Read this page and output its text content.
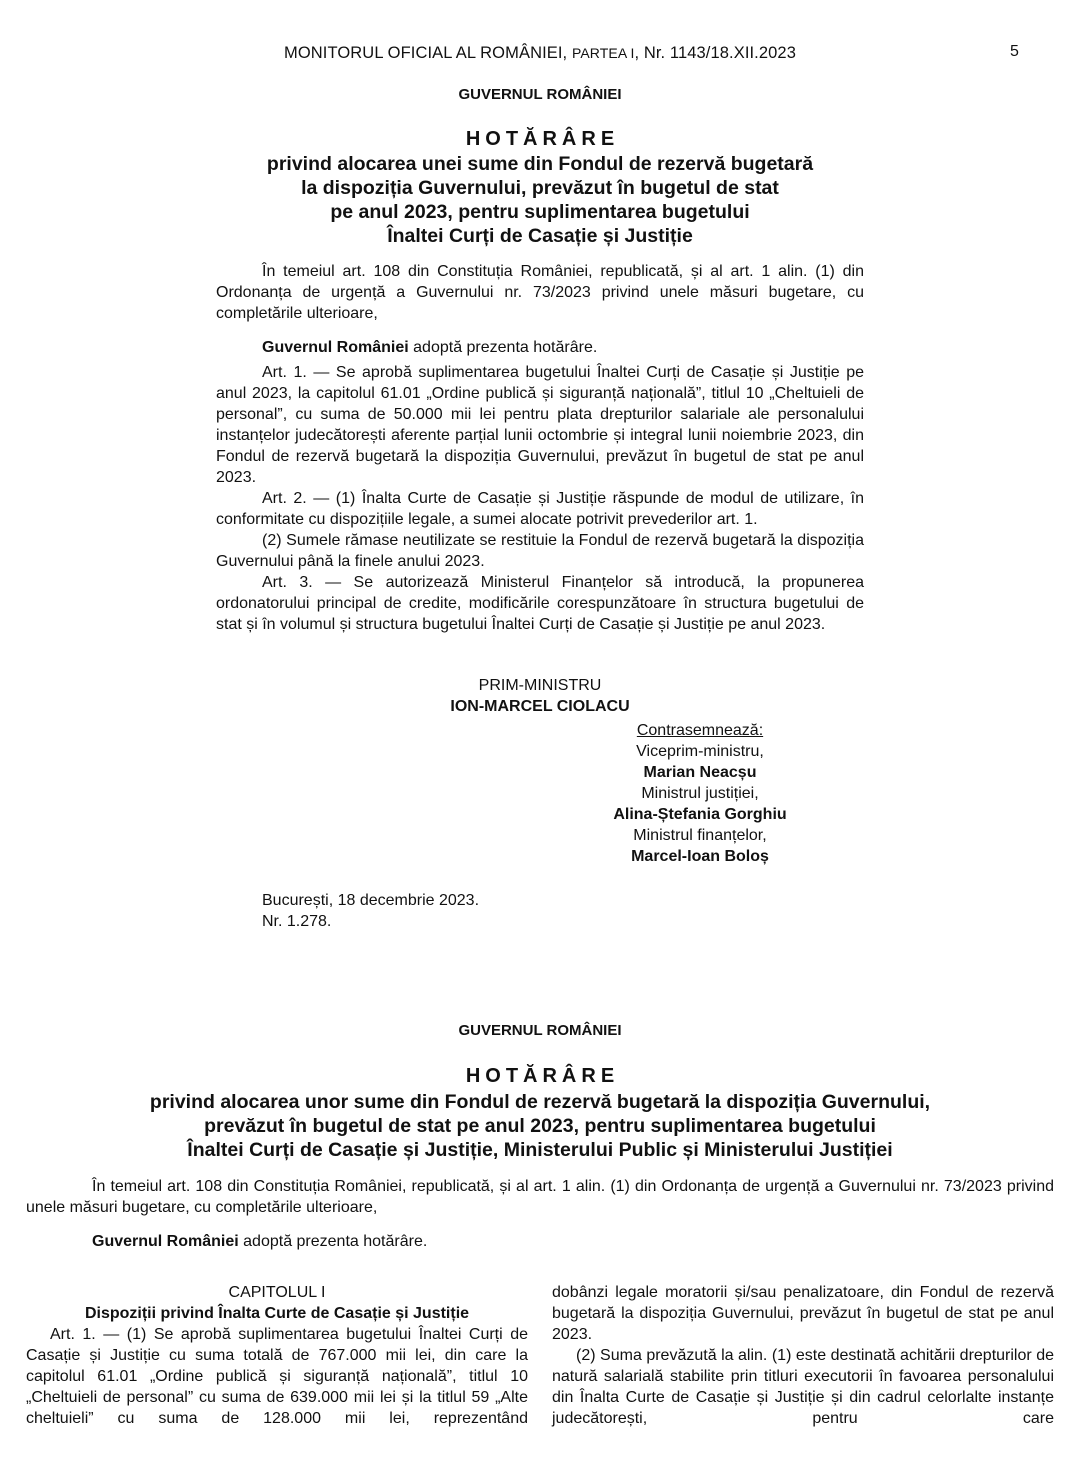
MONITORUL OFICIAL AL ROMÂNIEI, PARTEA I, Nr. 1143/18.XII.2023	5
GUVERNUL ROMÂNIEI
HOTĂRÂRE
privind alocarea unei sume din Fondul de rezervă bugetară
la dispoziția Guvernului, prevăzut în bugetul de stat
pe anul 2023, pentru suplimentarea bugetului
Înaltei Curți de Casație și Justiție

În temeiul art. 108 din Constituția României, republicată, și al art. 1 alin. (1) din Ordonanța de urgență a Guvernului nr. 73/2023 privind unele măsuri bugetare, cu completările ulterioare,

Guvernul României adoptă prezenta hotărâre.

Art. 1. — Se aprobă suplimentarea bugetului Înaltei Curți de Casație și Justiție pe anul 2023, la capitolul 61.01 „Ordine publică și siguranță națională”, titlul 10 „Cheltuieli de personal”, cu suma de 50.000 mii lei pentru plata drepturilor salariale ale personalului instanțelor judecătorești aferente parțial lunii octombrie și integral lunii noiembrie 2023, din Fondul de rezervă bugetară la dispoziția Guvernului, prevăzut în bugetul de stat pe anul 2023.

Art. 2. — (1) Înalta Curte de Casație și Justiție răspunde de modul de utilizare, în conformitate cu dispozițiile legale, a sumei alocate potrivit prevederilor art. 1.

(2) Sumele rămase neutilizate se restituie la Fondul de rezervă bugetară la dispoziția Guvernului până la finele anului 2023.

Art. 3. — Se autorizează Ministerul Finanțelor să introducă, la propunerea ordonatorului principal de credite, modificările corespunzătoare în structura bugetului de stat și în volumul și structura bugetului Înaltei Curți de Casație și Justiție pe anul 2023.

PRIM-MINISTRU
ION-MARCEL CIOLACU
Contrasemnează:
Viceprim-ministru,
Marian Neacșu
Ministrul justiției,
Alina-Ștefania Gorghiu
Ministrul finanțelor,
Marcel-Ioan Boloș
București, 18 decembrie 2023.
Nr. 1.278.
GUVERNUL ROMÂNIEI
HOTĂRÂRE
privind alocarea unor sume din Fondul de rezervă bugetară la dispoziția Guvernului,
prevăzut în bugetul de stat pe anul 2023, pentru suplimentarea bugetului
Înaltei Curți de Casație și Justiție, Ministerului Public și Ministerului Justiției

În temeiul art. 108 din Constituția României, republicată, și al art. 1 alin. (1) din Ordonanța de urgență a Guvernului nr. 73/2023 privind unele măsuri bugetare, cu completările ulterioare,

Guvernul României adoptă prezenta hotărâre.

CAPITOLUL I
Dispoziții privind Înalta Curte de Casație și Justiție

Art. 1. — (1) Se aprobă suplimentarea bugetului Înaltei Curți de Casație și Justiție cu suma totală de 767.000 mii lei, din care la capitolul 61.01 „Ordine publică și siguranță națională”, titlul 10 „Cheltuieli de personal” cu suma de 639.000 mii lei și la titlul 59 „Alte cheltuieli” cu suma de 128.000 mii lei, reprezentând

dobânzi legale moratorii și/sau penalizatoare, din Fondul de rezervă bugetară la dispoziția Guvernului, prevăzut în bugetul de stat pe anul 2023.

(2) Suma prevăzută la alin. (1) este destinată achitării drepturilor de natură salarială stabilite prin titluri executorii în favoarea personalului din Înalta Curte de Casație și Justiție și din cadrul celorlalte instanțe judecătorești, pentru care
